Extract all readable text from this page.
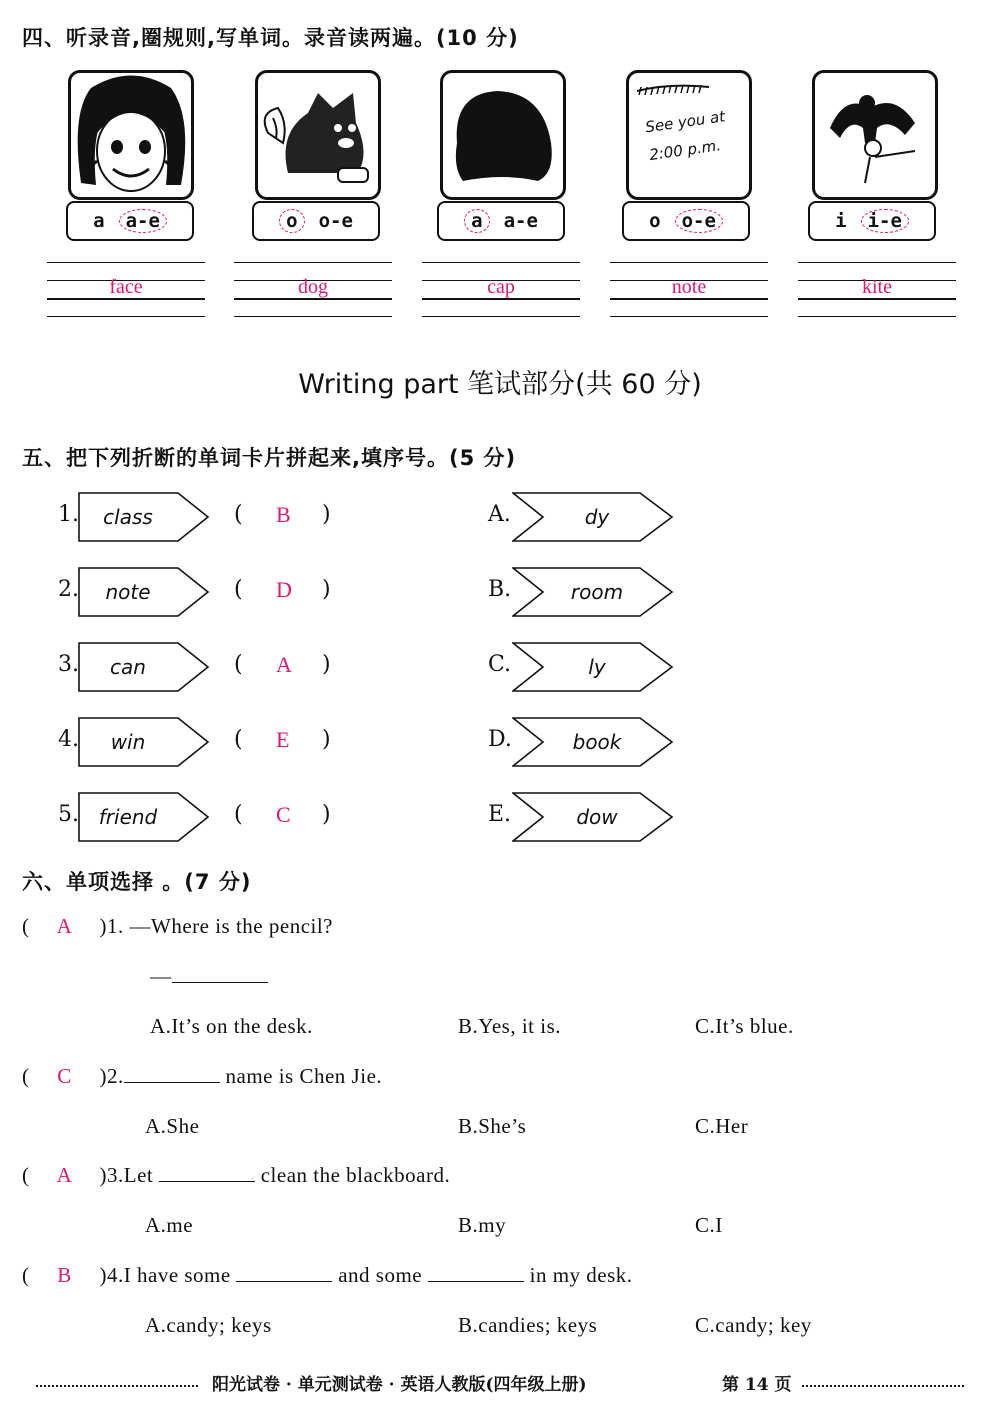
四、听录音,圈规则,写单词。录音读两遍。(10 分)
a	a-e
face
o	o-e
dog
a	a-e
cap
See you at 2:00 p.m.
o	o-e
note
i	i-e
kite
Writing part 笔试部分(共 60 分)
五、把下列折断的单词卡片拼起来,填序号。(5 分)
1.	class	( B )
2.	note	( D )
3.	can	( A )
4.	win	( E )
5. friend	( C )
A.	dy
B.	room
C.	ly
D.	book
E.	dow
六、单项选择 。(7 分)
( A )1. —Where is the pencil?
—
A.It’s on the desk.	B.Yes, it is.	C.It’s blue.
( C )2.	name is Chen Jie.
A.She	B.She’s	C.Her
( A )3.Let	clean the blackboard.
A.me	B.my	C.I
( B )4.I have some	and some	in my desk.
A.candy; keys	B.candies; keys	C.candy; key
阳光试卷 · 单元测试卷 · 英语人教版(四年级上册)	第 14 页
